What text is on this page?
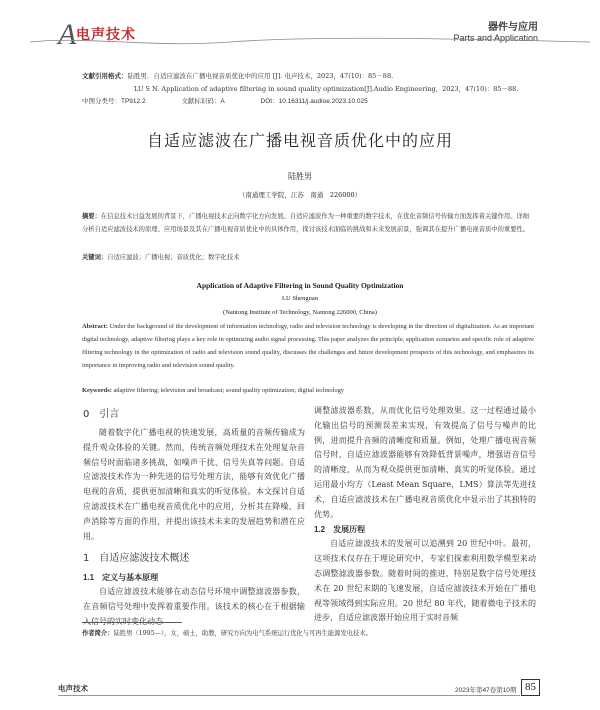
A 电声技术	器件与应用
Parts and Application
文献引用格式：陆胜男．自适应滤波在广播电视音质优化中的应用 [J]. 电声技术，2023，47(10)：85－88.
LU S N. Application of adaptive filtering in sound quality optimization[J].Audio Engineering，2023，47(10)：85－88.
中图分类号：TP912.2	文献标识码：A	DOI：10.16311/j.audioe.2023.10.025
自适应滤波在广播电视音质优化中的应用
陆胜男
（南通理工学院，江苏　南通　226000）
摘要：在信息技术日益发展的背景下，广播电视技术正向数字化方向发展。自适应滤波作为一种重要的数字技术，在优化音频信号传输方面发挥着关键作用。详细分析自适应滤波技术的原理、应用场景及其在广播电视音质优化中的具体作用，探讨该技术面临的挑战和未来发展前景，强调其在提升广播电视音质中的重要性。
关键词：自适应滤波；广播电视；音质优化；数字化技术
Application of Adaptive Filtering in Sound Quality Optimization
LU Shengnan
(Nantong Institute of Technology, Nantong 226000, China)
Abstract: Under the background of the development of information technology, radio and television technology is developing in the direction of digitalization. As an important digital technology, adaptive filtering plays a key role in optimizing audio signal processing. This paper analyzes the principle, application scenarios and specific role of adaptive filtering technology in the optimization of radio and television sound quality, discusses the challenges and future development prospects of this technology, and emphasizes its importance in improving radio and television sound quality.
Keywords: adaptive filtering; television and broadcast; sound quality optimization; digital technology
0　引言

随着数字化广播电视的快速发展，高质量的音频传输成为提升观众体验的关键。然而，传统音频处理技术在处理复杂音频信号时面临诸多挑战，如噪声干扰、信号失真等问题。自适应滤波技术作为一种先进的信号处理方法，能够有效优化广播电视的音质，提供更加清晰和真实的听觉体验。本文探讨自适应滤波技术在广播电视音质优化中的应用，分析其在降噪、回声消除等方面的作用，并提出该技术未来的发展趋势和潜在应用。

1　自适应滤波技术概述
1.1　定义与基本原理

自适应滤波技术能够在动态信号环境中调整滤波器参数，在音频信号处理中发挥着重要作用。该技术的核心在于根据输入信号的实时变化动态

调整滤波器系数，从而优化信号处理效果。这一过程通过最小化输出信号的预测误差来实现，有效提高了信号与噪声的比例，进而提升音频的清晰度和质量。例如，处理广播电视音频信号时，自适应滤波器能够有效降低背景噪声，增强语音信号的清晰度，从而为观众提供更加清晰、真实的听觉体验。通过运用最小均方（Least Mean Square，LMS）算法等先进技术，自适应滤波技术在广播电视音质优化中显示出了其独特的优势。

1.2　发展历程

自适应滤波技术的发展可以追溯到 20 世纪中叶。最初，这项技术仅存在于理论研究中，专家们探索利用数学模型来动态调整滤波器参数。随着时间的推进，特别是数字信号处理技术在 20 世纪末期的飞速发展，自适应滤波技术开始在广播电视等领域得到实际应用。20 世纪 80 年代，随着微电子技术的进步，自适应滤波器开始应用于实时音频

作者简介：陆胜男（1995—），女，硕士，助教，研究方向为电气系统运行优化与可再生能源发电技术。
电声技术	2023年第47卷第10期 85
